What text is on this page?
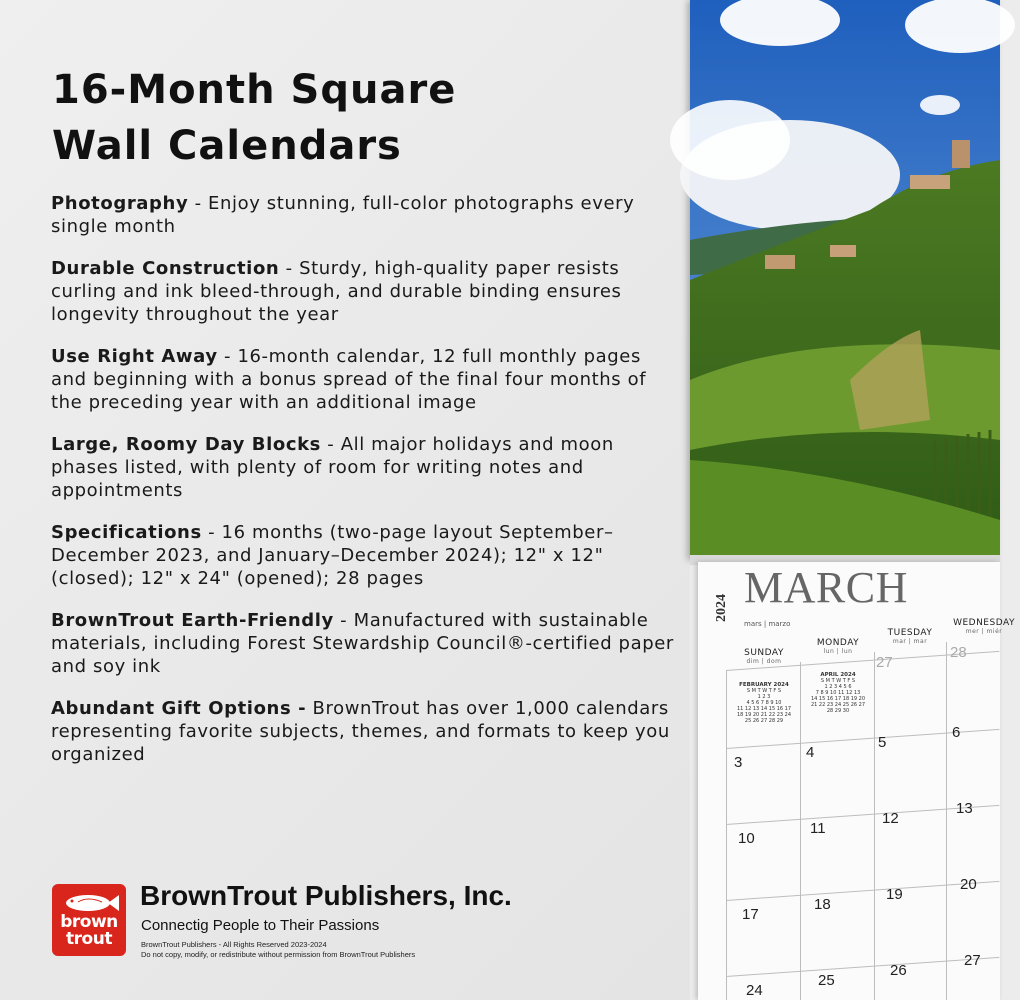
16-Month Square
Wall Calendars
Photography - Enjoy stunning, full-color photographs every single month
Durable Construction - Sturdy, high-quality paper resists curling and ink bleed-through, and durable binding ensures longevity throughout the year
Use Right Away - 16-month calendar, 12 full monthly pages and beginning with a bonus spread of the final four months of the preceding year with an additional image
Large, Roomy Day Blocks - All major holidays and moon phases listed, with plenty of room for writing notes and appointments
Specifications - 16 months (two-page layout September–December 2023, and January–December 2024); 12" x 12" (closed); 12" x 24" (opened); 28 pages
BrownTrout Earth-Friendly - Manufactured with sustainable materials, including Forest Stewardship Council®-certified paper and soy ink
Abundant Gift Options - BrownTrout has over 1,000 calendars representing favorite subjects, themes, and formats to keep you organized
brown
trout
BrownTrout Publishers, Inc.
Connectig People to Their Passions
BrownTrout Publishers - All Rights Reserved 2023-2024
Do not copy, modify, or redistribute without permission from BrownTrout Publishers
2024 MARCH
mars | marzo
SUNDAY
dim | dom
MONDAY
lun | lun
TUESDAY
mar | mar
WEDNESDAY
mer | miér
FEBRUARY 2024
S M T W T F S
1 2 3
4 5 6 7 8 9 10
11 12 13 14 15 16 17
18 19 20 21 22 23 24
25 26 27 28 29
APRIL 2024
S M T W T F S
1 2 3 4 5 6
7 8 9 10 11 12 13
14 15 16 17 18 19 20
21 22 23 24 25 26 27
28 29 30
27
28
3
4
5
6
10
11
12
13
17
18
19
20
24
25
26
27
